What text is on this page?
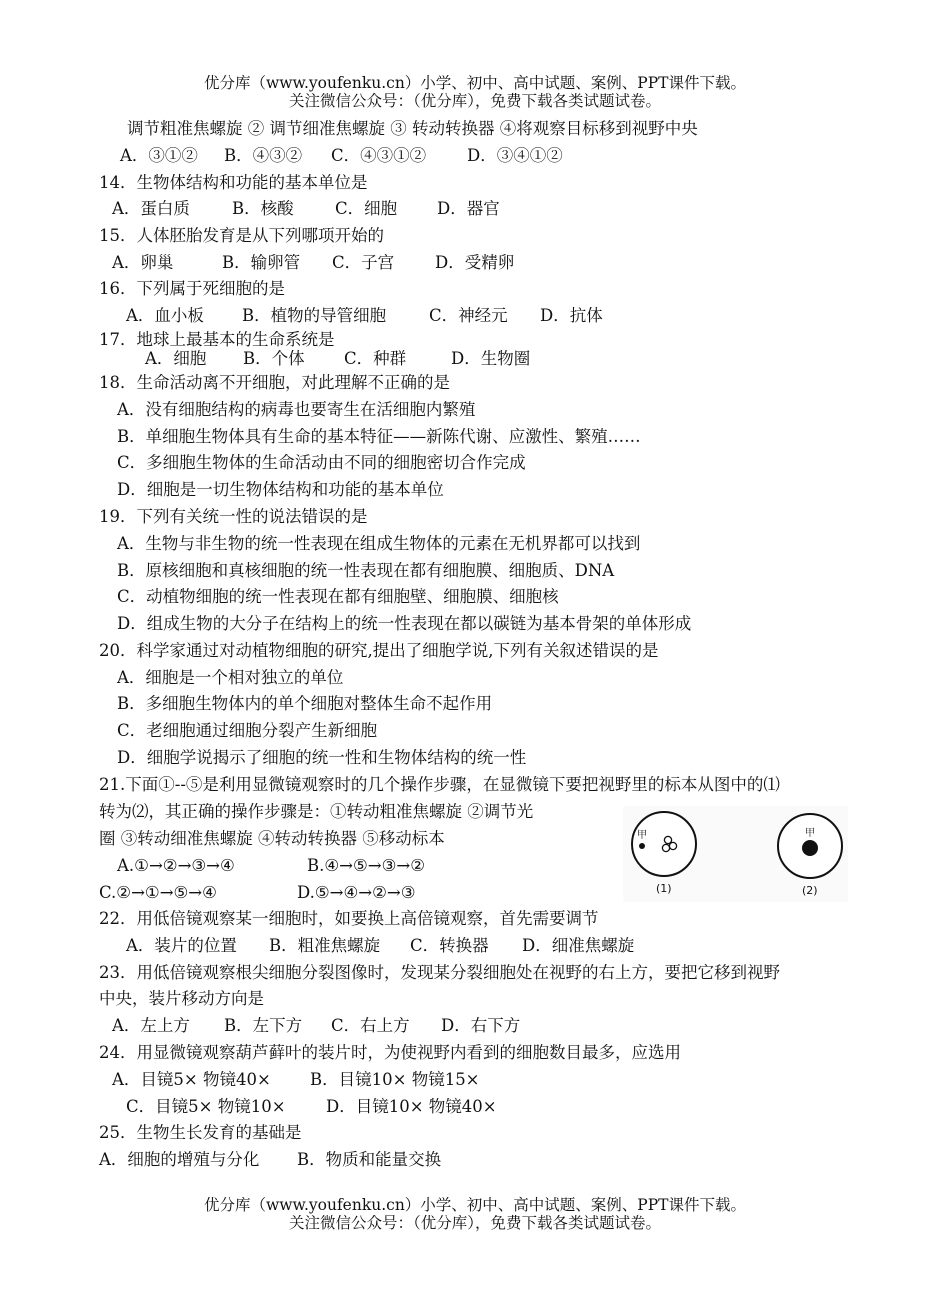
优分库（www.youfenku.cn）小学、初中、高中试题、案例、PPT课件下载。
关注微信公众号：（优分库），免费下载各类试题试卷。
调节粗准焦螺旋 ② 调节细准焦螺旋 ③ 转动转换器 ④将观察目标移到视野中央
A．③①② B．④③② C．④③①② D．③④①②
14．生物体结构和功能的基本单位是
A．蛋白质	B．核酸	C．细胞 D．器官
15．人体胚胎发育是从下列哪项开始的
A．卵巢	B．输卵管 C．子宫 D．受精卵
16．下列属于死细胞的是
A．血小板 B．植物的导管细胞	C．神经元 D．抗体
17．地球上最基本的生命系统是
A．细胞 B．个体 C．种群	D．生物圈
18．生命活动离不开细胞，对此理解不正确的是
A．没有细胞结构的病毒也要寄生在活细胞内繁殖
B．单细胞生物体具有生命的基本特征——新陈代谢、应激性、繁殖……
C．多细胞生物体的生命活动由不同的细胞密切合作完成
D．细胞是一切生物体结构和功能的基本单位
19．下列有关统一性的说法错误的是
A．生物与非生物的统一性表现在组成生物体的元素在无机界都可以找到
B．原核细胞和真核细胞的统一性表现在都有细胞膜、细胞质、DNA
C．动植物细胞的统一性表现在都有细胞壁、细胞膜、细胞核
D．组成生物的大分子在结构上的统一性表现在都以碳链为基本骨架的单体形成
20．科学家通过对动植物细胞的研究,提出了细胞学说,下列有关叙述错误的是
A．细胞是一个相对独立的单位
B．多细胞生物体内的单个细胞对整体生命不起作用
C．老细胞通过细胞分裂产生新细胞
D．细胞学说揭示了细胞的统一性和生物体结构的统一性
21.下面①--⑤是利用显微镜观察时的几个操作步骤，在显微镜下要把视野里的标本从图中的⑴
转为⑵，其正确的操作步骤是：①转动粗准焦螺旋 ②调节光
圈 ③转动细准焦螺旋 ④转动转换器 ⑤移动标本
A.①→②→③→④	B.④→⑤→③→②
C.②→①→⑤→④	D.⑤→④→②→③
甲
(1)
甲
(2)
22．用低倍镜观察某一细胞时，如要换上高倍镜观察，首先需要调节
A．装片的位置 B．粗准焦螺旋 C．转换器 D．细准焦螺旋
23．用低倍镜观察根尖细胞分裂图像时，发现某分裂细胞处在视野的右上方，要把它移到视野
中央，装片移动方向是
A．左上方 B．左下方 C．右上方 D．右下方
24．用显微镜观察葫芦藓叶的装片时，为使视野内看到的细胞数目最多，应选用
A．目镜5× 物镜40× B．目镜10× 物镜15×
C．目镜5× 物镜10× D．目镜10× 物镜40×
25．生物生长发育的基础是
A．细胞的增殖与分化 B．物质和能量交换
优分库（www.youfenku.cn）小学、初中、高中试题、案例、PPT课件下载。
关注微信公众号：（优分库），免费下载各类试题试卷。
